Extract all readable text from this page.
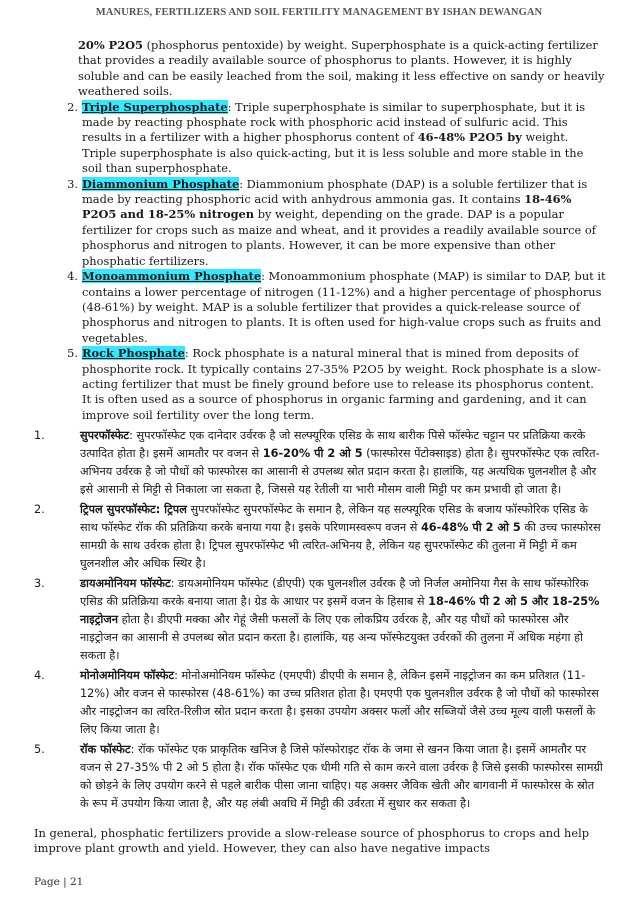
MANURES, FERTILIZERS AND SOIL FERTILITY MANAGEMENT BY ISHAN DEWANGAN
20% P2O5 (phosphorus pentoxide) by weight. Superphosphate is a quick-acting fertilizer that provides a readily available source of phosphorus to plants. However, it is highly soluble and can be easily leached from the soil, making it less effective on sandy or heavily weathered soils.
2. Triple Superphosphate: Triple superphosphate is similar to superphosphate, but it is made by reacting phosphate rock with phosphoric acid instead of sulfuric acid. This results in a fertilizer with a higher phosphorus content of 46-48% P2O5 by weight. Triple superphosphate is also quick-acting, but it is less soluble and more stable in the soil than superphosphate.
3. Diammonium Phosphate: Diammonium phosphate (DAP) is a soluble fertilizer that is made by reacting phosphoric acid with anhydrous ammonia gas. It contains 18-46% P2O5 and 18-25% nitrogen by weight, depending on the grade. DAP is a popular fertilizer for crops such as maize and wheat, and it provides a readily available source of phosphorus and nitrogen to plants. However, it can be more expensive than other phosphatic fertilizers.
4. Monoammonium Phosphate: Monoammonium phosphate (MAP) is similar to DAP, but it contains a lower percentage of nitrogen (11-12%) and a higher percentage of phosphorus (48-61%) by weight. MAP is a soluble fertilizer that provides a quick-release source of phosphorus and nitrogen to plants. It is often used for high-value crops such as fruits and vegetables.
5. Rock Phosphate: Rock phosphate is a natural mineral that is mined from deposits of phosphorite rock. It typically contains 27-35% P2O5 by weight. Rock phosphate is a slow-acting fertilizer that must be finely ground before use to release its phosphorus content. It is often used as a source of phosphorus in organic farming and gardening, and it can improve soil fertility over the long term.
1.	सुपरफॉस्फेट: सुपरफॉस्फेट एक दानेदार उर्वरक है जो सल्फ्यूरिक एसिड के साथ बारीक पिसे फॉस्फेट चट्टान पर प्रतिक्रिया करके उत्पादित होता है। इसमें आमतौर पर वजन से 16-20% पी 2 ओ 5 (फास्फोरस पेंटोक्साइड) होता है। सुपरफॉस्फेट एक त्वरित-अभिनय उर्वरक है जो पौधों को फास्फोरस का आसानी से उपलब्ध स्रोत प्रदान करता है। हालांकि, यह अत्यधिक घुलनशील है और इसे आसानी से मिट्टी से निकाला जा सकता है, जिससे यह रेतीली या भारी मौसम वाली मिट्टी पर कम प्रभावी हो जाता है।
2.	ट्रिपल सुपरफॉस्फेट: ट्रिपल सुपरफॉस्फेट सुपरफॉस्फेट के समान है, लेकिन यह सल्फ्यूरिक एसिड के बजाय फॉस्फोरिक एसिड के साथ फॉस्फेट रॉक की प्रतिक्रिया करके बनाया गया है। इसके परिणामस्वरूप वजन से 46-48% पी 2 ओ 5 की उच्च फास्फोरस सामग्री के साथ उर्वरक होता है। ट्रिपल सुपरफॉस्फेट भी त्वरित-अभिनय है, लेकिन यह सुपरफॉस्फेट की तुलना में मिट्टी में कम घुलनशील और अधिक स्थिर है।
3.	डायअमोनियम फॉस्फेट: डायअमोनियम फॉस्फेट (डीएपी) एक घुलनशील उर्वरक है जो निर्जल अमोनिया गैस के साथ फॉस्फोरिक एसिड की प्रतिक्रिया करके बनाया जाता है। ग्रेड के आधार पर इसमें वजन के हिसाब से 18-46% पी 2 ओ 5 और 18-25% नाइट्रोजन होता है। डीएपी मक्का और गेहूं जैसी फसलों के लिए एक लोकप्रिय उर्वरक है, और यह पौधों को फास्फोरस और नाइट्रोजन का आसानी से उपलब्ध स्रोत प्रदान करता है। हालांकि, यह अन्य फॉस्फेटयुक्त उर्वरकों की तुलना में अधिक महंगा हो सकता है।
4.	मोनोअमोनियम फॉस्फेट: मोनोअमोनियम फॉस्फेट (एमएपी) डीएपी के समान है, लेकिन इसमें नाइट्रोजन का कम प्रतिशत (11-12%) और वजन से फास्फोरस (48-61%) का उच्च प्रतिशत होता है। एमएपी एक घुलनशील उर्वरक है जो पौधों को फास्फोरस और नाइट्रोजन का त्वरित-रिलीज स्रोत प्रदान करता है। इसका उपयोग अक्सर फलों और सब्जियों जैसे उच्च मूल्य वाली फसलों के लिए किया जाता है।
5.	रॉक फॉस्फेट: रॉक फॉस्फेट एक प्राकृतिक खनिज है जिसे फॉस्फोराइट रॉक के जमा से खनन किया जाता है। इसमें आमतौर पर वजन से 27-35% पी 2 ओ 5 होता है। रॉक फॉस्फेट एक धीमी गति से काम करने वाला उर्वरक है जिसे इसकी फास्फोरस सामग्री को छोड़ने के लिए उपयोग करने से पहले बारीक पीसा जाना चाहिए। यह अक्सर जैविक खेती और बागवानी में फास्फोरस के स्रोत के रूप में उपयोग किया जाता है, और यह लंबी अवधि में मिट्टी की उर्वरता में सुधार कर सकता है।
In general, phosphatic fertilizers provide a slow-release source of phosphorus to crops and help improve plant growth and yield. However, they can also have negative impacts
Page | 21
